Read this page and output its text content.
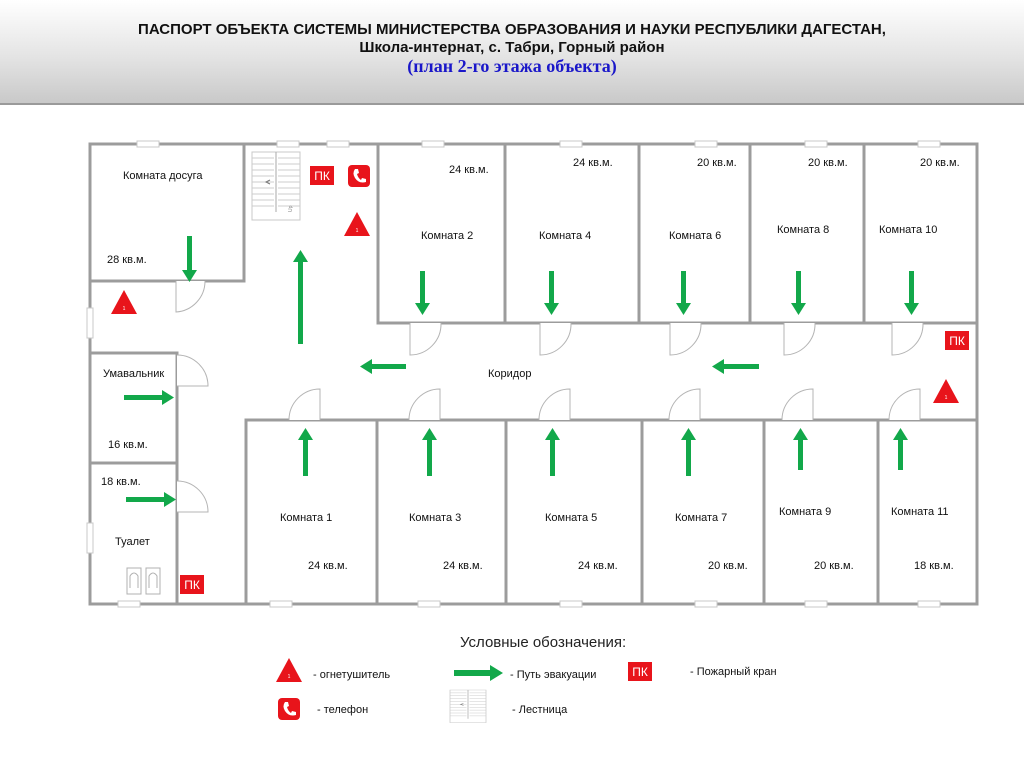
ПАСПОРТ ОБЪЕКТА СИСТЕМЫ МИНИСТЕРСТВА ОБРАЗОВАНИЯ И НАУКИ РЕСПУБЛИКИ ДАГЕСТАН,
Школа-интернат, с. Табри, Горный район
(план 2-го этажа объекта)
Up
ПК
ПК
ПК
Комната досуга
28 кв.м.
Умавальник
16 кв.м.
18 кв.м.
Туалет
Коридор
Комната 2
24 кв.м.
Комната 4
24 кв.м.
Комната 6
20 кв.м.
Комната 8
20 кв.м.
Комната 10
20 кв.м.
Комната 1
24 кв.м.
Комната 3
24 кв.м.
Комната 5
24 кв.м.
Комната 7
20 кв.м.
Комната 9
20 кв.м.
Комната 11
18 кв.м.
Условные обозначения:
- огнетушитель	- Путь эвакуации	ПК	- Пожарный кран
- телефон	- Лестница
